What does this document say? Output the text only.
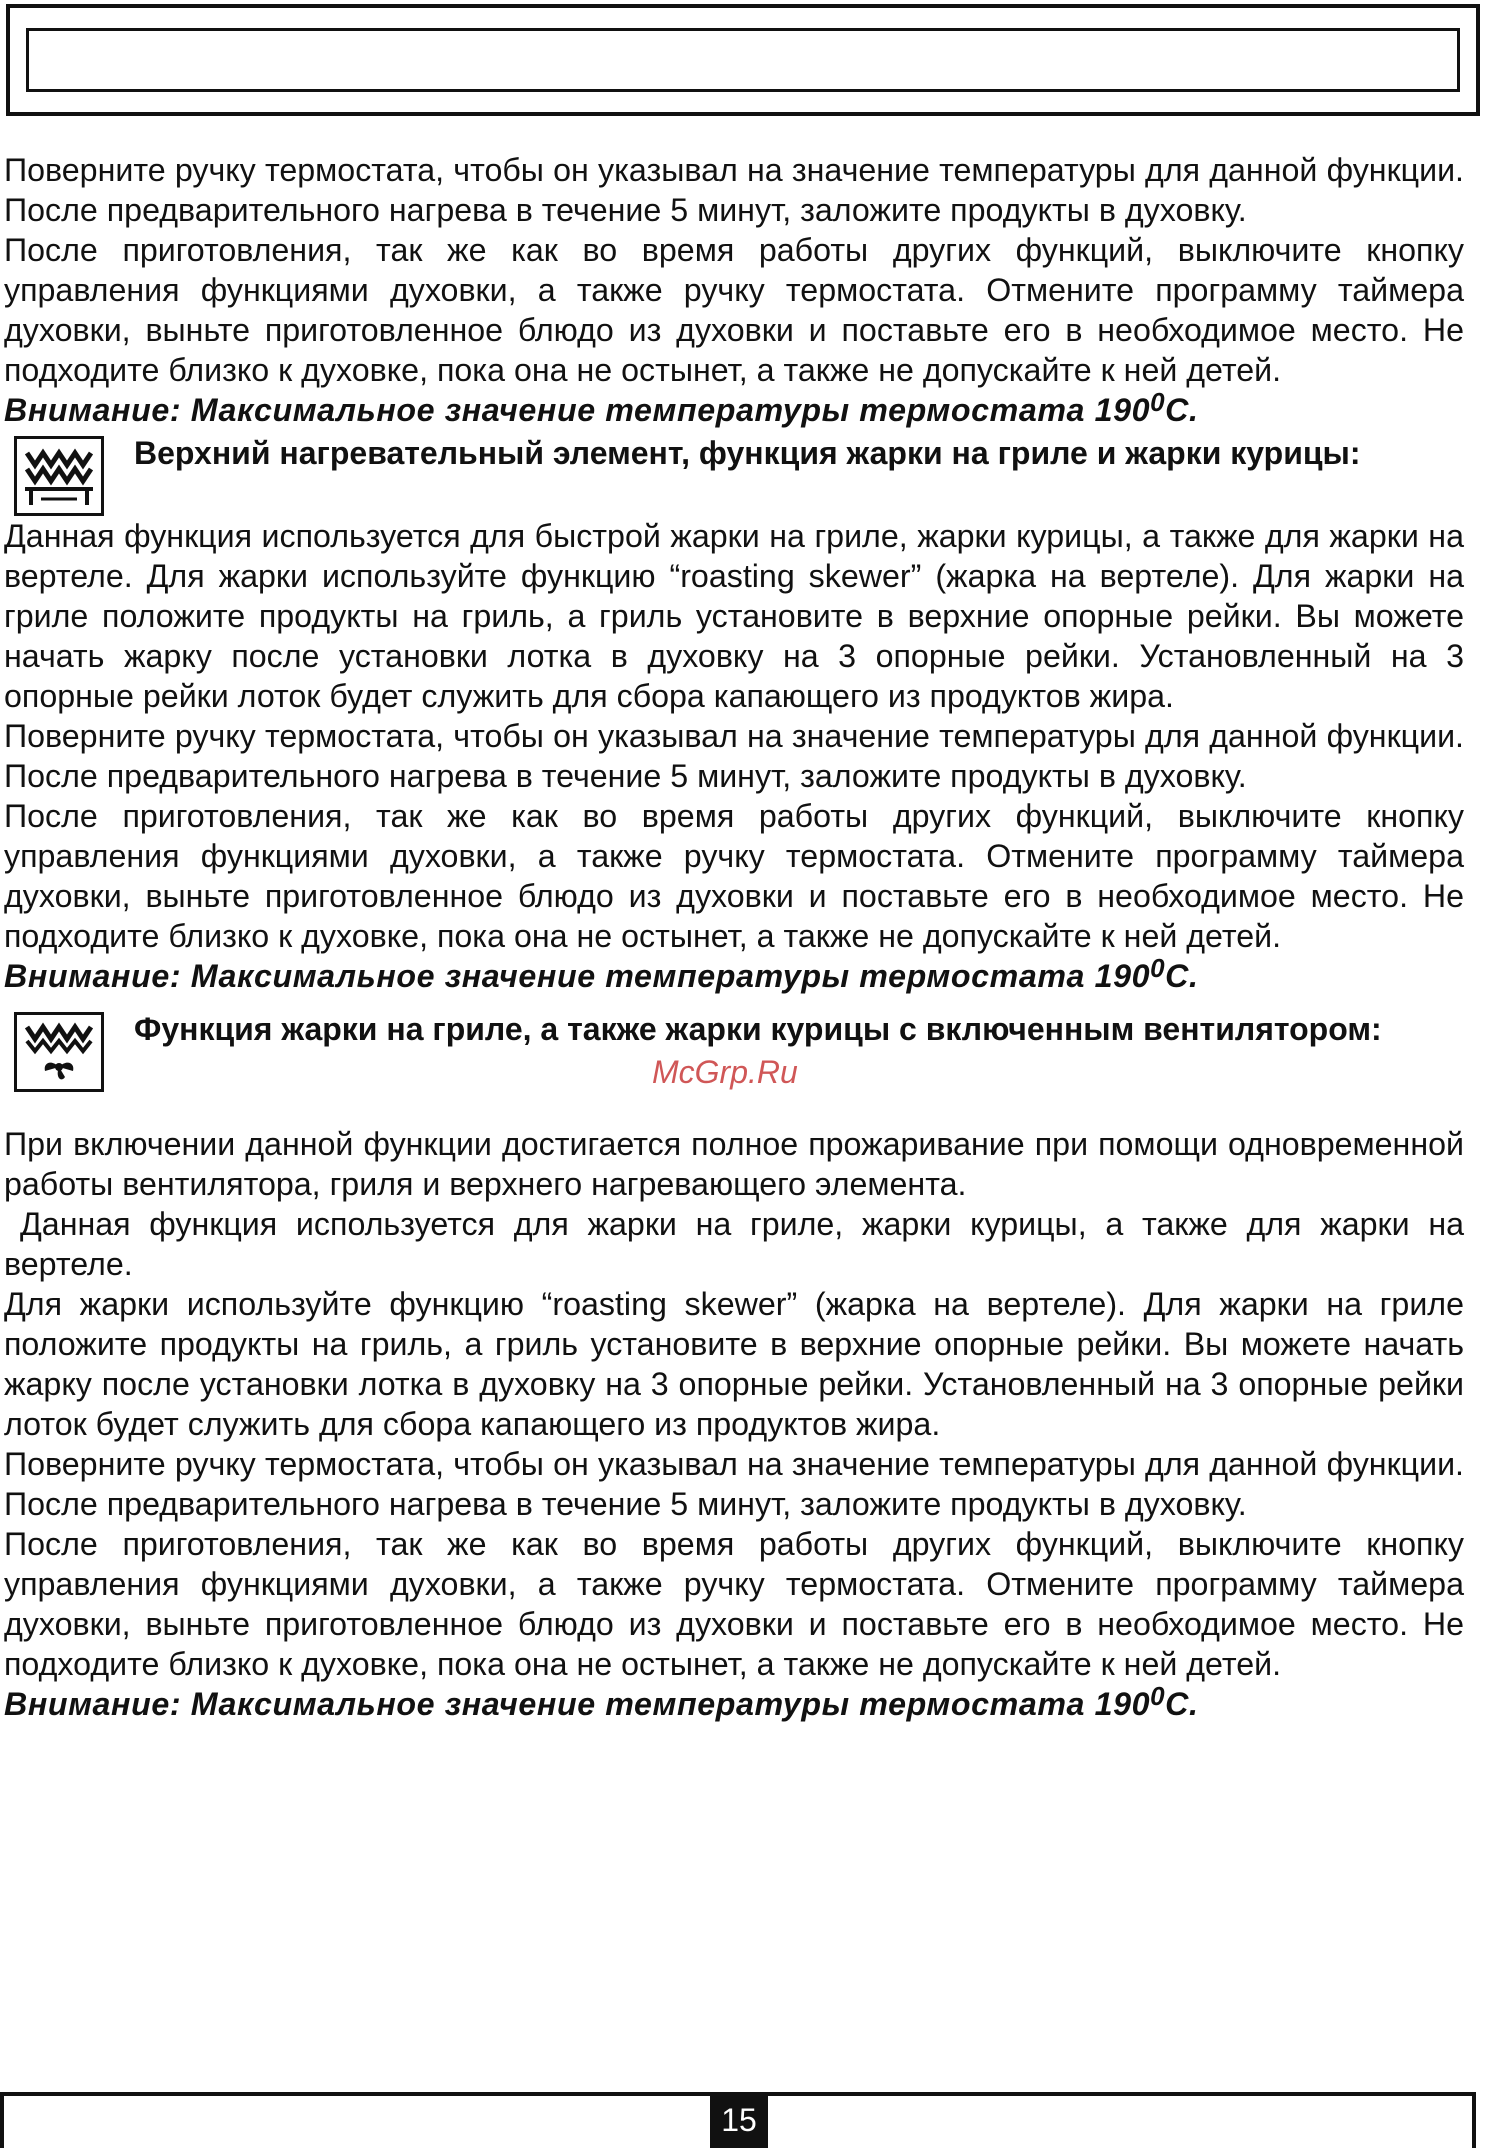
Поверните ручку термостата, чтобы он указывал на значение температуры для данной функции. После предварительного нагрева в течение 5 минут, заложите продукты в духовку.

После приготовления, так же как во время работы других функций, выключите кнопку управления функциями духовки, а также ручку термостата. Отмените программу таймера духовки, выньте приготовленное блюдо из духовки и поставьте его в необходимое место. Не подходите близко к духовке, пока она не остынет, а также не допускайте к ней детей.

Внимание: Максимальное значение температуры термостата $190^0С$.

Верхний нагревательный элемент, функция жарки на гриле и жарки курицы:

Данная функция используется для быстрой жарки на гриле, жарки курицы, а также для жарки на вертеле. Для жарки используйте функцию “roasting skewer” (жарка на вертеле). Для жарки на гриле положите продукты на гриль, а гриль установите в верхние опорные рейки. Вы можете начать жарку после установки лотка в духовку на 3 опорные рейки. Установленный на 3 опорные рейки лоток будет служить для сбора капающего из продуктов жира.

Поверните ручку термостата, чтобы он указывал на значение температуры для данной функции. После предварительного нагрева в течение 5 минут, заложите продукты в духовку.

После приготовления, так же как во время работы других функций, выключите кнопку управления функциями духовки, а также ручку термостата. Отмените программу таймера духовки, выньте приготовленное блюдо из духовки и поставьте его в необходимое место. Не подходите близко к духовке, пока она не остынет, а также не допускайте к ней детей.

Внимание: Максимальное значение температуры термостата $190^0С$.

Функция жарки на гриле, а также жарки курицы с включенным вентилятором:

При включении данной функции достигается полное прожаривание при помощи одновременной работы вентилятора, гриля и верхнего нагревающего элемента.

Данная функция используется для жарки на гриле, жарки курицы, а также для жарки на вертеле.

Для жарки используйте функцию “roasting skewer” (жарка на вертеле). Для жарки на гриле положите продукты на гриль, а гриль установите в верхние опорные рейки. Вы можете начать жарку после установки лотка в духовку на 3 опорные рейки. Установленный на 3 опорные рейки лоток будет служить для сбора капающего из продуктов жира.

Поверните ручку термостата, чтобы он указывал на значение температуры для данной функции. После предварительного нагрева в течение 5 минут, заложите продукты в духовку.

После приготовления, так же как во время работы других функций, выключите кнопку управления функциями духовки, а также ручку термостата. Отмените программу таймера духовки, выньте приготовленное блюдо из духовки и поставьте его в необходимое место. Не подходите близко к духовке, пока она не остынет, а также не допускайте к ней детей.

Внимание: Максимальное значение температуры термостата $190^0С$.

McGrp.Ru
15
